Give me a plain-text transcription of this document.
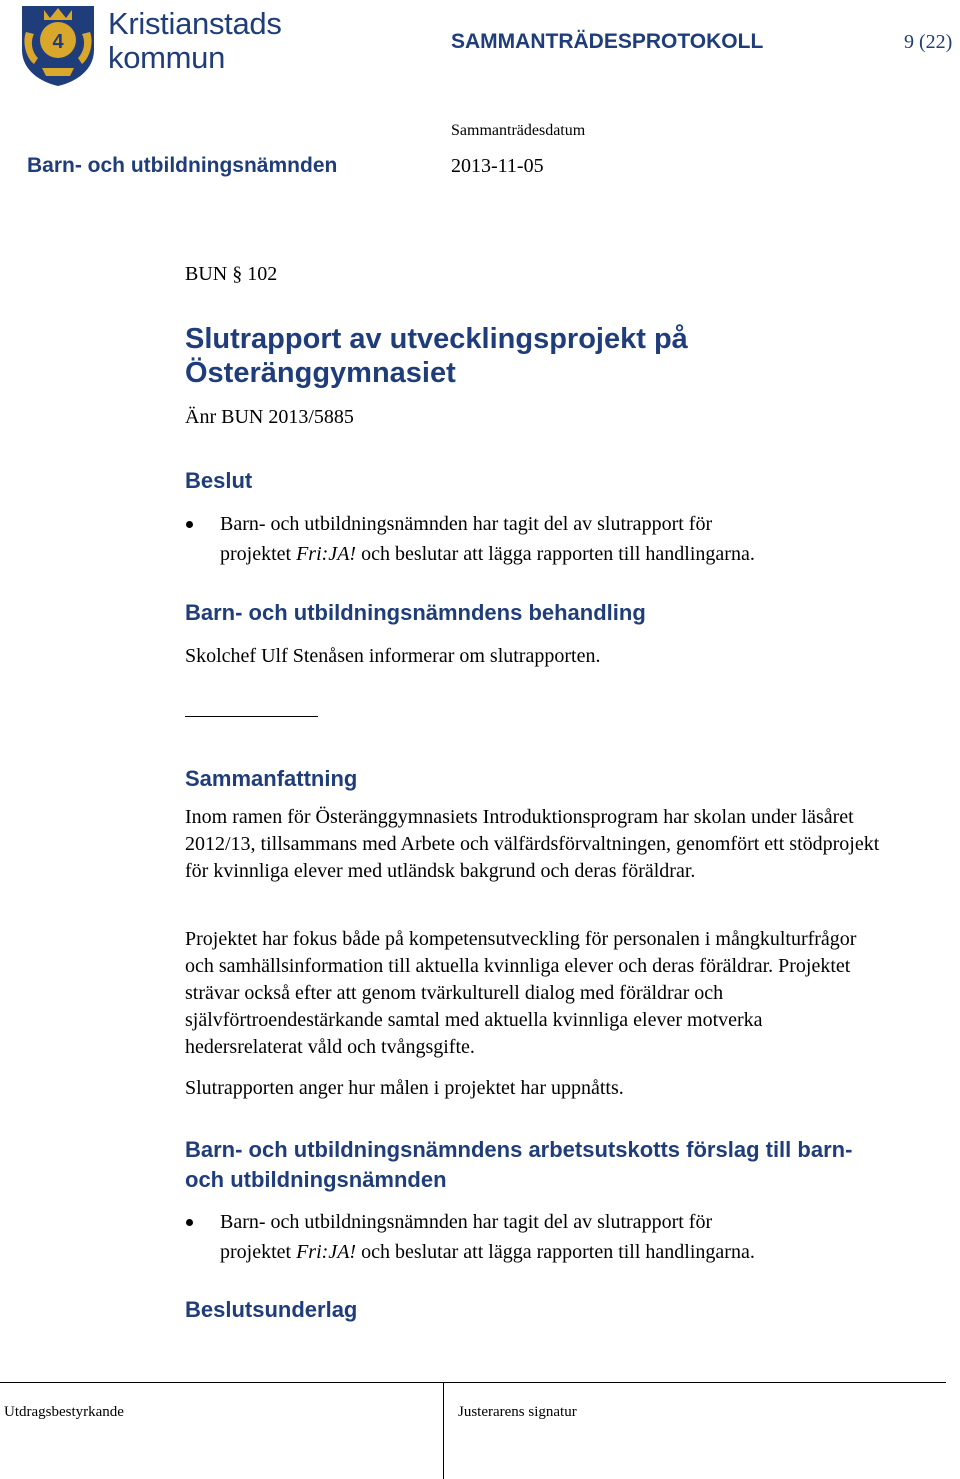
4
Kristianstads
kommun	SAMMANTRÄDESPROTOKOLL	9 (22)
Sammanträdesdatum
Barn- och utbildningsnämnden	2013-11-05
BUN § 102
Slutrapport av utvecklingsprojekt på Österänggymnasiet
Änr BUN 2013/5885
Beslut
Barn- och utbildningsnämnden har tagit del av slutrapport för
projektet Fri:JA! och beslutar att lägga rapporten till handlingarna.
Barn- och utbildningsnämndens behandling
Skolchef Ulf Stenåsen informerar om slutrapporten.
Sammanfattning
Inom ramen för Österänggymnasiets Introduktionsprogram har skolan under läsåret 2012/13, tillsammans med Arbete och välfärdsförvaltningen, genomfört ett stödprojekt för kvinnliga elever med utländsk bakgrund och deras föräldrar.
Projektet har fokus både på kompetensutveckling för personalen i mångkulturfrågor och samhällsinformation till aktuella kvinnliga elever och deras föräldrar. Projektet strävar också efter att genom tvärkulturell dialog med föräldrar och självförtroendestärkande samtal med aktuella kvinnliga elever motverka hedersrelaterat våld och tvångsgifte.
Slutrapporten anger hur målen i projektet har uppnåtts.
Barn- och utbildningsnämndens arbetsutskotts förslag till barn- och utbildningsnämnden
Barn- och utbildningsnämnden har tagit del av slutrapport för
projektet Fri:JA! och beslutar att lägga rapporten till handlingarna.
Beslutsunderlag
Utdragsbestyrkande	Justerarens signatur
